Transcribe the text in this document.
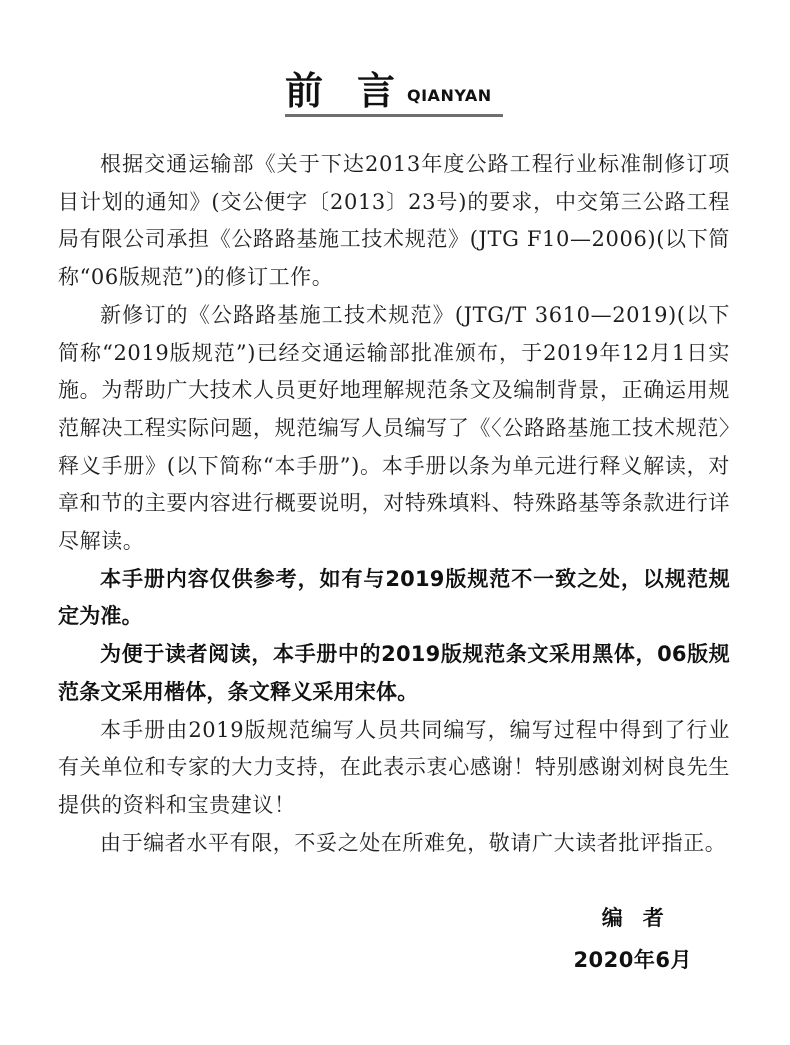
前言
QIANYAN

根据交通运输部《关于下达2013年度公路工程行业标准制修订项目计划的通知》(交公便字〔2013〕23号)的要求，中交第三公路工程局有限公司承担《公路路基施工技术规范》(JTG F10—2006)(以下简称“06版规范”)的修订工作。

新修订的《公路路基施工技术规范》(JTG/T 3610—2019)(以下简称“2019版规范”)已经交通运输部批准颁布，于2019年12月1日实施。为帮助广大技术人员更好地理解规范条文及编制背景，正确运用规范解决工程实际问题，规范编写人员编写了《〈公路路基施工技术规范〉释义手册》(以下简称“本手册”)。本手册以条为单元进行释义解读，对章和节的主要内容进行概要说明，对特殊填料、特殊路基等条款进行详尽解读。

本手册内容仅供参考，如有与2019版规范不一致之处，以规范规定为准。

为便于读者阅读，本手册中的2019版规范条文采用黑体，06版规范条文采用楷体，条文释义采用宋体。

本手册由2019版规范编写人员共同编写，编写过程中得到了行业有关单位和专家的大力支持，在此表示衷心感谢！特别感谢刘树良先生提供的资料和宝贵建议！

由于编者水平有限，不妥之处在所难免，敬请广大读者批评指正。

编者
2020年6月
